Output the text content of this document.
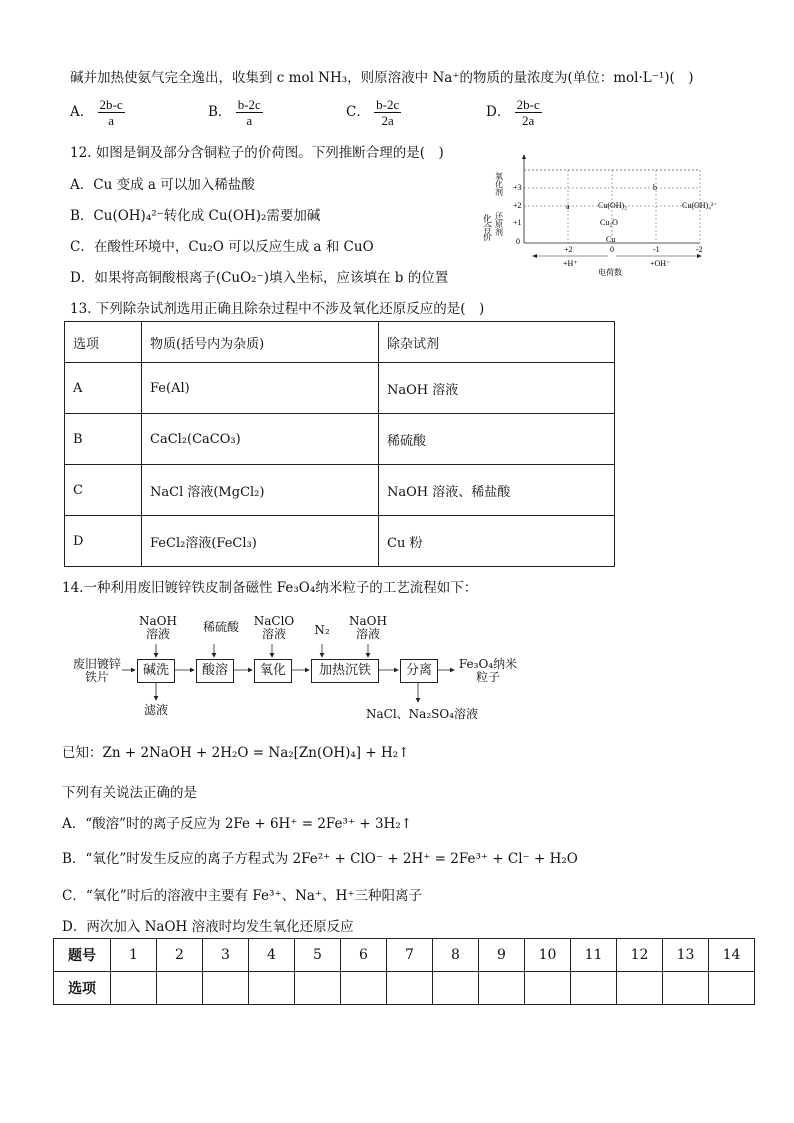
碱并加热使氨气完全逸出，收集到 c mol NH₃，则原溶液中 Na⁺的物质的量浓度为(单位：mol·L⁻¹)(　)
A． $\frac{2b-c}{a}$	B． $\frac{b-2c}{a}$	C． $\frac{b-2c}{2a}$	D． $\frac{2b-c}{2a}$
12. 如图是铜及部分含铜粒子的价荷图。下列推断合理的是(　)
A．Cu 变成 a 可以加入稀盐酸
B．Cu(OH)₄²⁻转化成 Cu(OH)₂需要加碱
C．在酸性环境中，Cu₂O 可以反应生成 a 和 CuO
D．如果将高铜酸根离子(CuO₂⁻)填入坐标，应该填在 b 的位置
化合价
氧化剂
还原剂
+3
+2
+1
0
+2	0	-1	-2
b
a	Cu(OH)₂	Cu(OH)₄²⁻
Cu₂O
Cu
+H⁺	+OH⁻
电荷数
13. 下列除杂试剂选用正确且除杂过程中不涉及氧化还原反应的是(　)
选项	物质(括号内为杂质)	除杂试剂
A	Fe(Al)	NaOH 溶液
B	CaCl₂(CaCO₃)	稀硫酸
C	NaCl 溶液(MgCl₂)	NaOH 溶液、稀盐酸
D	FeCl₂溶液(FeCl₃)	Cu 粉
14.一种利用废旧镀锌铁皮制备磁性 Fe₃O₄纳米粒子的工艺流程如下：
NaOH溶液	稀硫酸	NaClO溶液	N₂
NaOH溶液
废旧镀锌铁片	碱洗	酸溶	氧化	加热沉铁	分离	Fe₃O₄纳米粒子
滤液	NaCl、Na₂SO₄溶液
已知：Zn + 2NaOH + 2H₂O = Na₂[Zn(OH)₄] + H₂↑
下列有关说法正确的是
A．“酸溶”时的离子反应为 2Fe + 6H⁺ = 2Fe³⁺ + 3H₂↑
B．“氧化”时发生反应的离子方程式为 2Fe²⁺ + ClO⁻ + 2H⁺ = 2Fe³⁺ + Cl⁻ + H₂O
C．“氧化”时后的溶液中主要有 Fe³⁺、Na⁺、H⁺三种阳离子
D．两次加入 NaOH 溶液时均发生氧化还原反应
题号	1	2	3	4	5	6	7	8	9	10	11	12	13	14
选项														
